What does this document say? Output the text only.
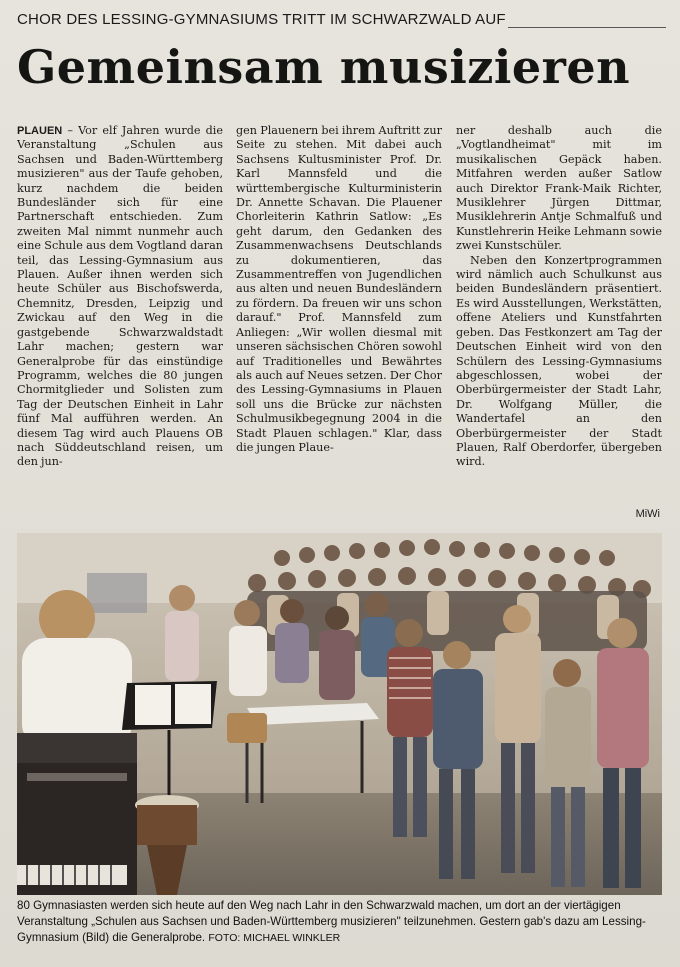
CHOR DES LESSING-GYMNASIUMS TRITT IM SCHWARZWALD AUF
Gemeinsam musizieren

PLAUEN – Vor elf Jahren wurde die Veranstaltung „Schulen aus Sachsen und Baden-Württemberg musizieren" aus der Taufe gehoben, kurz nachdem die beiden Bundesländer sich für eine Partnerschaft entschieden. Zum zweiten Mal nimmt nunmehr auch eine Schule aus dem Vogtland daran teil, das Lessing-Gymnasium aus Plauen. Außer ihnen werden sich heute Schüler aus Bischofswerda, Chemnitz, Dresden, Leipzig und Zwickau auf den Weg in die gastgebende Schwarzwaldstadt Lahr machen; gestern war Generalprobe für das einstündige Programm, welches die 80 jungen Chormitglieder und Solisten zum Tag der Deutschen Einheit in Lahr fünf Mal aufführen werden. An diesem Tag wird auch Plauens OB nach Süddeutschland reisen, um den jun-

gen Plauenern bei ihrem Auftritt zur Seite zu stehen. Mit dabei auch Sachsens Kultusminister Prof. Dr. Karl Mannsfeld und die württembergische Kulturministerin Dr. Annette Schavan. Die Plauener Chorleiterin Kathrin Satlow: „Es geht darum, den Gedanken des Zusammenwachsens Deutschlands zu dokumentieren, das Zusammentreffen von Jugendlichen aus alten und neuen Bundesländern zu fördern. Da freuen wir uns schon darauf." Prof. Mannsfeld zum Anliegen: „Wir wollen diesmal mit unseren sächsischen Chören sowohl auf Traditionelles und Bewährtes als auch auf Neues setzen. Der Chor des Lessing-Gymnasiums in Plauen soll uns die Brücke zur nächsten Schulmusikbegegnung 2004 in die Stadt Plauen schlagen." Klar, dass die jungen Plaue-

ner deshalb auch die „Vogtlandheimat" mit im musikalischen Gepäck haben. Mitfahren werden außer Satlow auch Direktor Frank-Maik Richter, Musiklehrer Jürgen Dittmar, Musiklehrerin Antje Schmalfuß und Kunstlehrerin Heike Lehmann sowie zwei Kunstschüler.

Neben den Konzertprogrammen wird nämlich auch Schulkunst aus beiden Bundesländern präsentiert. Es wird Ausstellungen, Werkstätten, offene Ateliers und Kunstfahrten geben. Das Festkonzert am Tag der Deutschen Einheit wird von den Schülern des Lessing-Gymnasiums abgeschlossen, wobei der Oberbürgermeister der Stadt Lahr, Dr. Wolfgang Müller, die Wandertafel an den Oberbürgermeister der Stadt Plauen, Ralf Oberdorfer, übergeben wird.

MiWi
80 Gymnasiasten werden sich heute auf den Weg nach Lahr in den Schwarzwald machen, um dort an der viertägigen Veranstaltung „Schulen aus Sachsen und Baden-Württemberg musizieren" teilzunehmen. Gestern gab's dazu am Lessing-Gymnasium (Bild) die Generalprobe. FOTO: MICHAEL WINKLER
